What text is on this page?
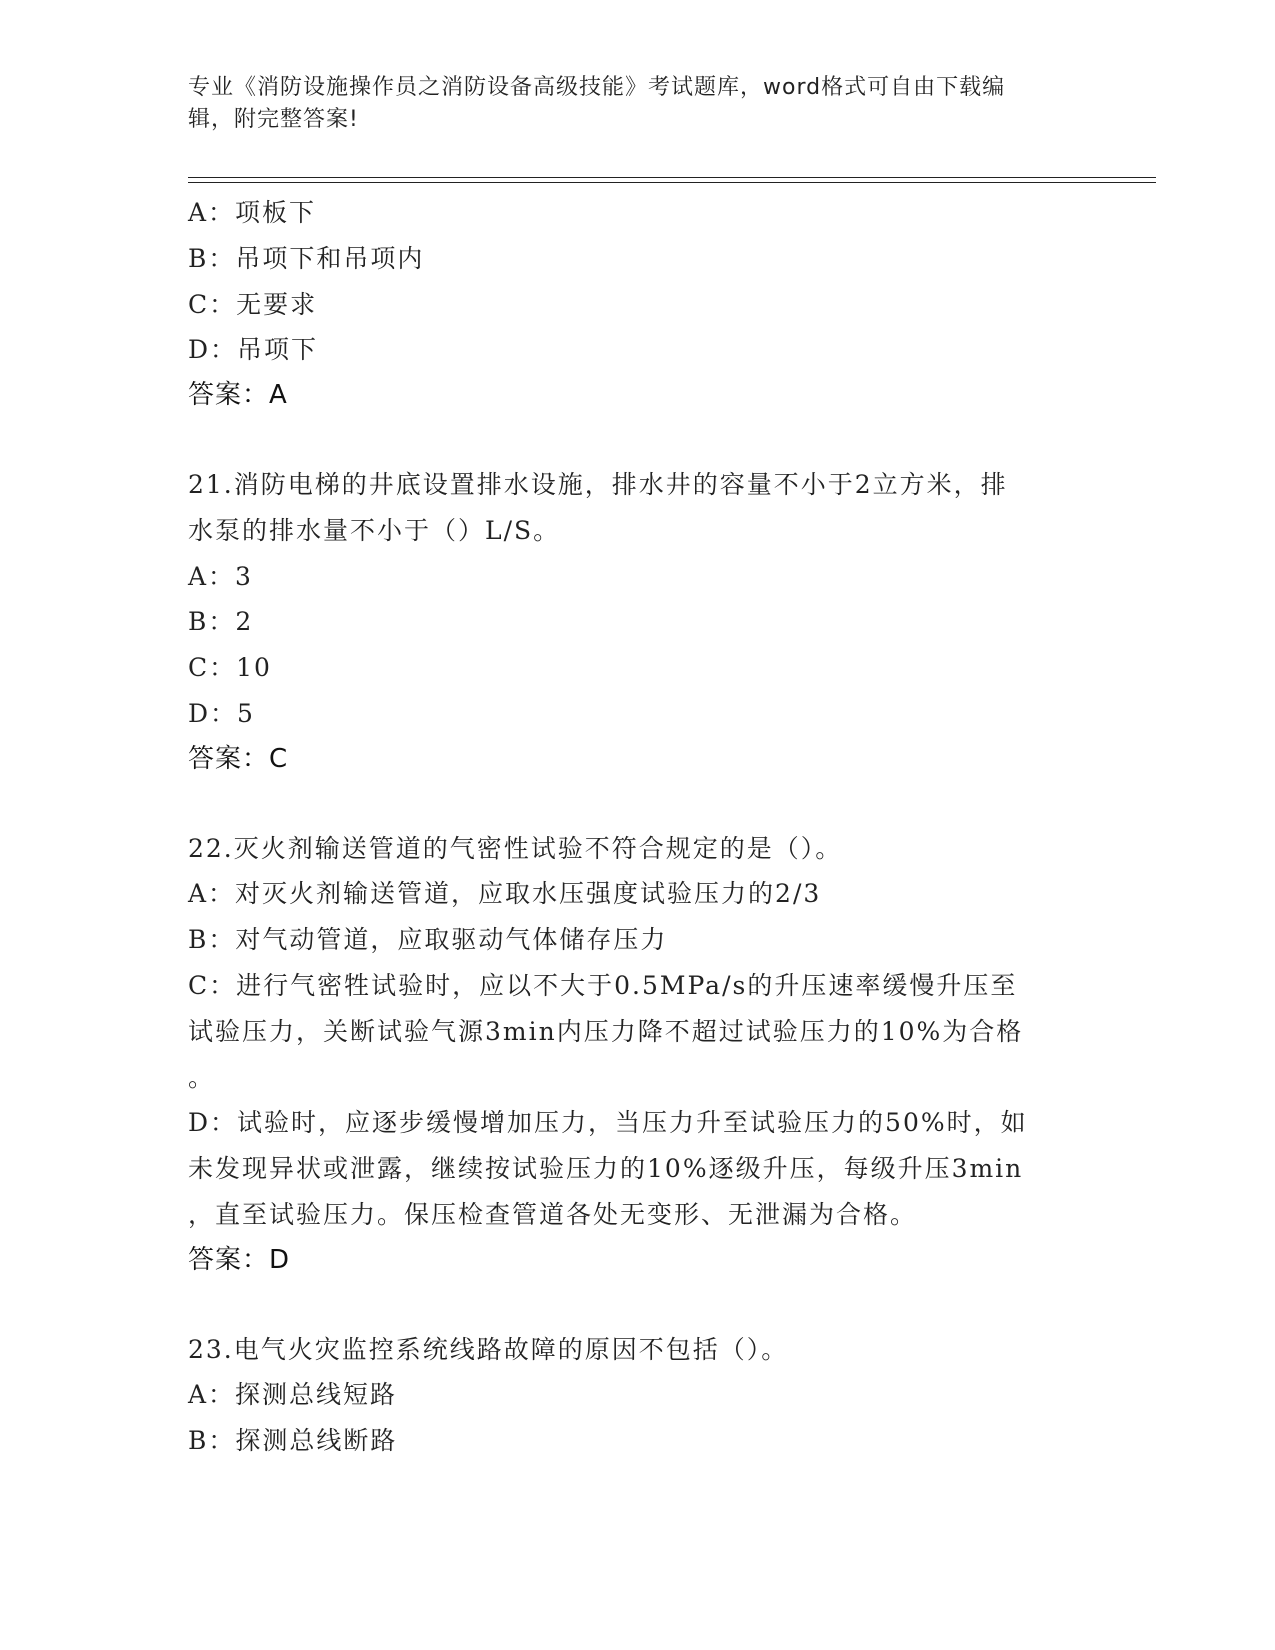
专业《消防设施操作员之消防设备高级技能》考试题库，word格式可自由下载编
辑，附完整答案!
A：项板下
B：吊项下和吊项内
C：无要求
D：吊项下
答案：A
21.消防电梯的井底设置排水设施，排水井的容量不小于2立方米，排
水泵的排水量不小于（）L/S。
A：3
B：2
C：10
D：5
答案：C
22.灭火剂输送管道的气密性试验不符合规定的是（）。
A：对灭火剂输送管道，应取水压强度试验压力的2/3
B：对气动管道，应取驱动气体储存压力
C：进行气密牲试验时，应以不大于0.5MPa/s的升压速率缓慢升压至
试验压力，关断试验气源3min内压力降不超过试验压力的10%为合格
。
D：试验时，应逐步缓慢增加压力，当压力升至试验压力的50%时，如
未发现异状或泄露，继续按试验压力的10%逐级升压，每级升压3min
，直至试验压力。保压检查管道各处无变形、无泄漏为合格。
答案：D
23.电气火灾监控系统线路故障的原因不包括（）。
A：探测总线短路
B：探测总线断路
